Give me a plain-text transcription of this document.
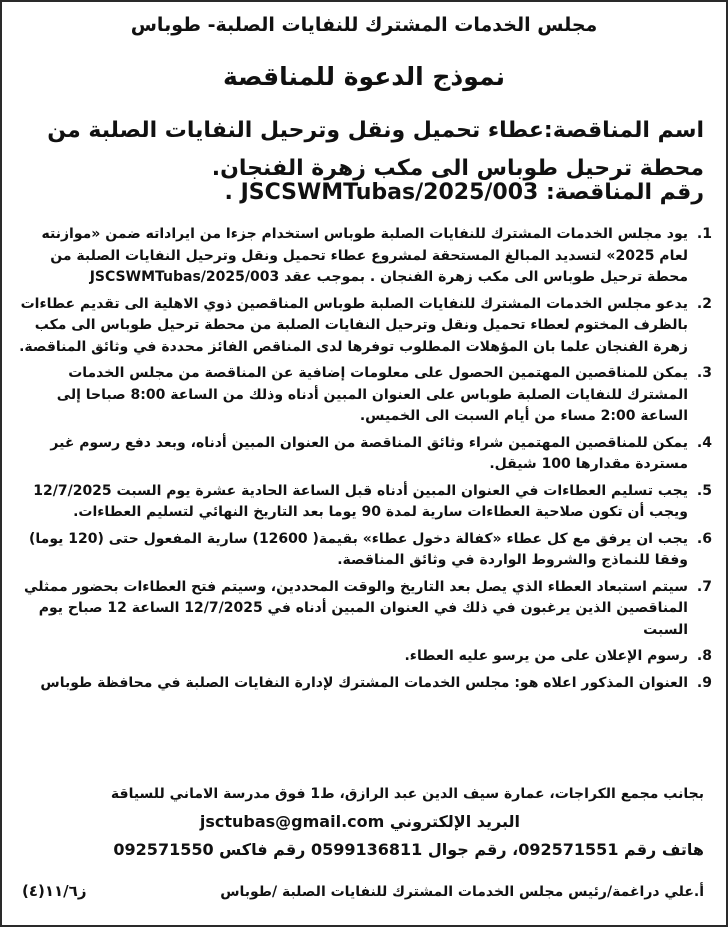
مجلس الخدمات المشترك للنفايات الصلبة- طوباس
نموذج الدعوة للمناقصة
اسم المناقصة:عطاء تحميل ونقل وترحيل النفايات الصلبة من محطة ترحيل طوباس الى مكب زهرة الفنجان.
رقم المناقصة: JSCSWMTubas/2025/003 .
1.
يود مجلس الخدمات المشترك للنفايات الصلبة طوباس استخدام جزءا من ايراداته ضمن «موازنته لعام 2025» لتسديد المبالغ المستحقة لمشروع عطاء تحميل ونقل وترحيل النفايات الصلبة من محطة ترحيل طوباس الى مكب زهرة الفنجان . بموجب عقد JSCSWMTubas/2025/003
2.
يدعو مجلس الخدمات المشترك للنفايات الصلبة طوباس المناقصين ذوي الاهلية الى تقديم عطاءات بالظرف المختوم لعطاء تحميل ونقل وترحيل النفايات الصلبة من محطة ترحيل طوباس الى مكب زهرة الفنجان علما بان المؤهلات المطلوب توفرها لدى المناقص الفائز محددة في وثائق المناقصة.
3.
يمكن للمناقصين المهتمين الحصول على معلومات إضافية عن المناقصة من مجلس الخدمات المشترك للنفايات الصلبة طوباس على العنوان المبين أدناه وذلك من الساعة 8:00 صباحا إلى الساعة 2:00 مساء من أيام السبت الى الخميس.
4.
يمكن للمناقصين المهتمين شراء وثائق المناقصة من العنوان المبين أدناه، وبعد دفع رسوم غير مستردة مقدارها 100 شيقل.
5.
يجب تسليم العطاءات في العنوان المبين أدناه قبل الساعة الحادية عشرة يوم السبت 12/7/2025 ويجب أن تكون صلاحية العطاءات سارية لمدة 90 يوما بعد التاريخ النهائي لتسليم العطاءات.
6.
يجب ان يرفق مع كل عطاء «كفالة دخول عطاء» بقيمة( 12600) سارية المفعول حتى (120 يوما) وفقا للنماذج والشروط الواردة في وثائق المناقصة.
7.
سيتم استبعاد العطاء الذي يصل بعد التاريخ والوقت المحددين، وسيتم فتح العطاءات بحضور ممثلي المناقصين الذين يرغبون في ذلك في العنوان المبين أدناه في 12/7/2025 الساعة 12 صباح يوم السبت
8.
رسوم الإعلان على من يرسو عليه العطاء.
9.
العنوان المذكور اعلاه هو: مجلس الخدمات المشترك لإدارة النفايات الصلبة في محافظة طوباس
بجانب مجمع الكراجات، عمارة سيف الدين عبد الرازق، ط1 فوق مدرسة الاماني للسياقة
البريد الإلكتروني jsctubas@gmail.com
هاتف رقم 092571551، رقم جوال 0599136811 رقم فاكس 092571550
أ.علي دراغمة/رئيس مجلس الخدمات المشترك للنفايات الصلبة /طوباس
ز١١/٦(٤)
